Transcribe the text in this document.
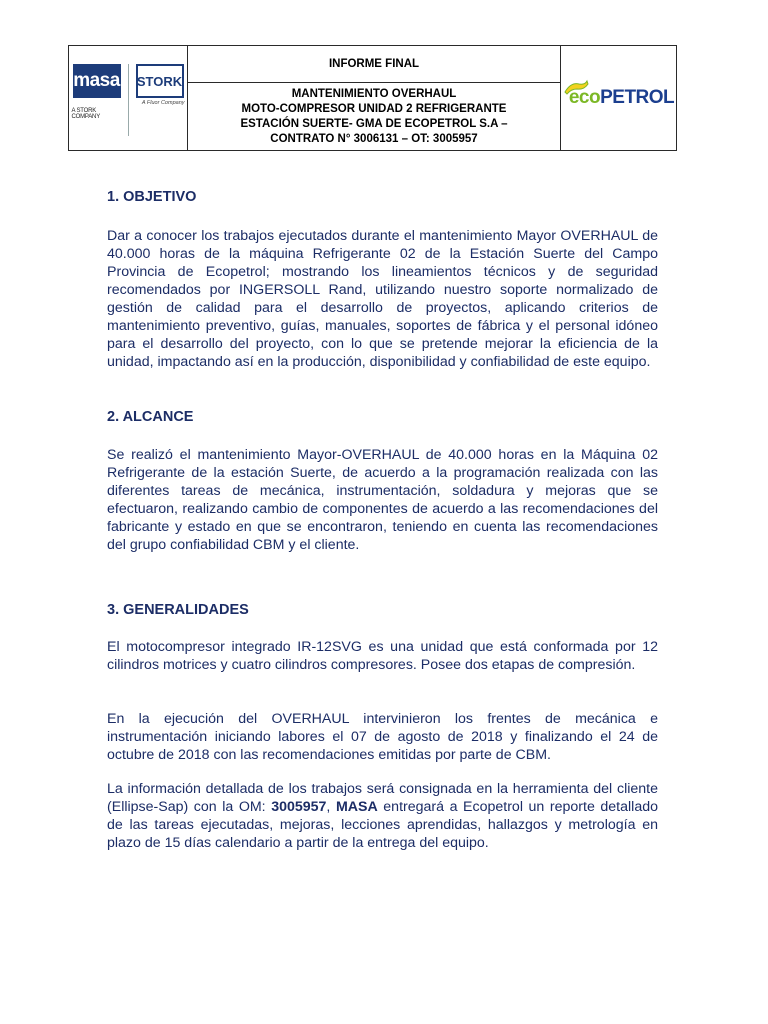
masa
A STORK COMPANY
STORK
A Fluor Company
	INFORME FINAL	
eco PETROL

MANTENIMIENTO OVERHAUL
MOTO-COMPRESOR UNIDAD 2 REFRIGERANTE
ESTACIÓN SUERTE- GMA DE ECOPETROL S.A –
CONTRATO N° 3006131 – OT: 3005957
1. OBJETIVO
Dar a conocer los trabajos ejecutados durante el mantenimiento Mayor OVERHAUL de 40.000 horas de la máquina Refrigerante 02 de la Estación Suerte del Campo Provincia de Ecopetrol; mostrando los lineamientos técnicos y de seguridad recomendados por INGERSOLL Rand, utilizando nuestro soporte normalizado de gestión de calidad para el desarrollo de proyectos, aplicando criterios de mantenimiento preventivo, guías, manuales, soportes de fábrica y el personal idóneo para el desarrollo del proyecto, con lo que se pretende mejorar la eficiencia de la unidad, impactando así en la producción, disponibilidad y confiabilidad de este equipo.
2. ALCANCE
Se realizó el mantenimiento Mayor-OVERHAUL de 40.000 horas en la Máquina 02 Refrigerante de la estación Suerte, de acuerdo a la programación realizada con las diferentes tareas de mecánica, instrumentación, soldadura y mejoras que se efectuaron, realizando cambio de componentes de acuerdo a las recomendaciones del fabricante y estado en que se encontraron, teniendo en cuenta las recomendaciones del grupo confiabilidad CBM y el cliente.
3. GENERALIDADES
El motocompresor integrado IR-12SVG es una unidad que está conformada por 12 cilindros motrices y cuatro cilindros compresores. Posee dos etapas de compresión.
En la ejecución del OVERHAUL intervinieron los frentes de mecánica e instrumentación iniciando labores el 07 de agosto de 2018 y finalizando el 24 de octubre de 2018 con las recomendaciones emitidas por parte de CBM.
La información detallada de los trabajos será consignada en la herramienta del cliente (Ellipse-Sap) con la OM: 3005957, MASA entregará a Ecopetrol un reporte detallado de las tareas ejecutadas, mejoras, lecciones aprendidas, hallazgos y metrología en plazo de 15 días calendario a partir de la entrega del equipo.
